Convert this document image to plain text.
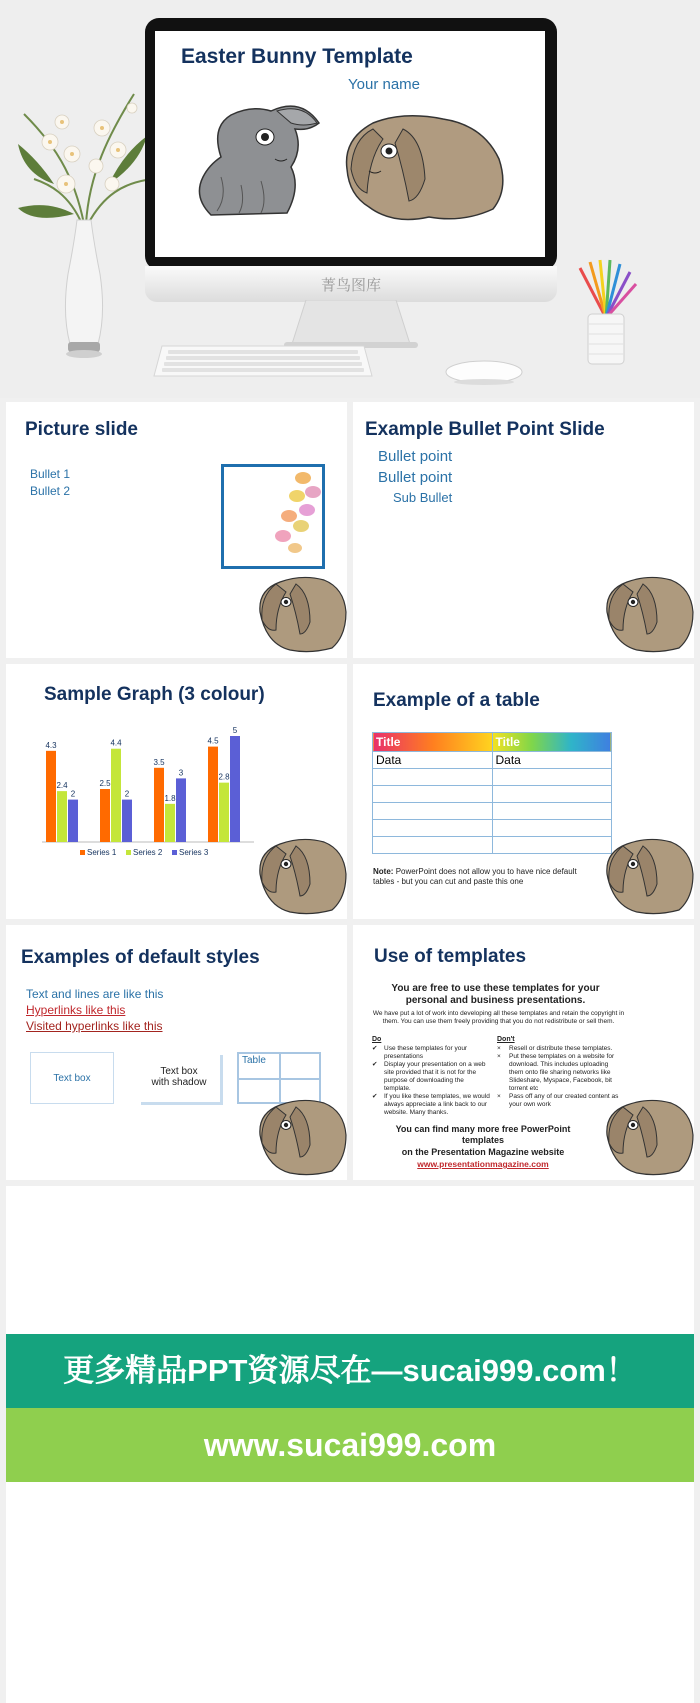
Easter Bunny Template
Your name
菁鸟图库
Picture slide
Bullet 1
Bullet 2
Example Bullet Point Slide
Bullet point
Bullet point
Sub Bullet
Sample Graph (3 colour)
4.3
2.4
2
2.5
4.4
2
3.5
1.8
3
4.5
2.8
5
Series 1 Series 2 Series 3
Example of a table
Title	Title
Data	Data

Note: PowerPoint does not allow you to have nice default tables - but you can cut and paste this one
Examples of default styles
Text and lines are like this
Hyperlinks like this
Visited hyperlinks like this
Text box
Text box
with shadow
Table
Use of templates
You are free to use these templates for your personal and business presentations.
We have put a lot of work into developing all these templates and retain the copyright in them. You can use them freely providing that you do not redistribute or sell them.
Do
✔	Use these templates for your presentations
✔	Display your presentation on a web site provided that it is not for the purpose of downloading the template.
✔	If you like these templates, we would always appreciate a link back to our website. Many thanks.
Don't
×	Resell or distribute these templates.
×	Put these templates on a website for download. This includes uploading them onto file sharing networks like Slideshare, Myspace, Facebook, bit torrent etc
×	Pass off any of our created content as your own work
You can find many more free PowerPoint templates
on the Presentation Magazine website
www.presentationmagazine.com
更多精品PPT资源尽在—sucai999.com！
www.sucai999.com
